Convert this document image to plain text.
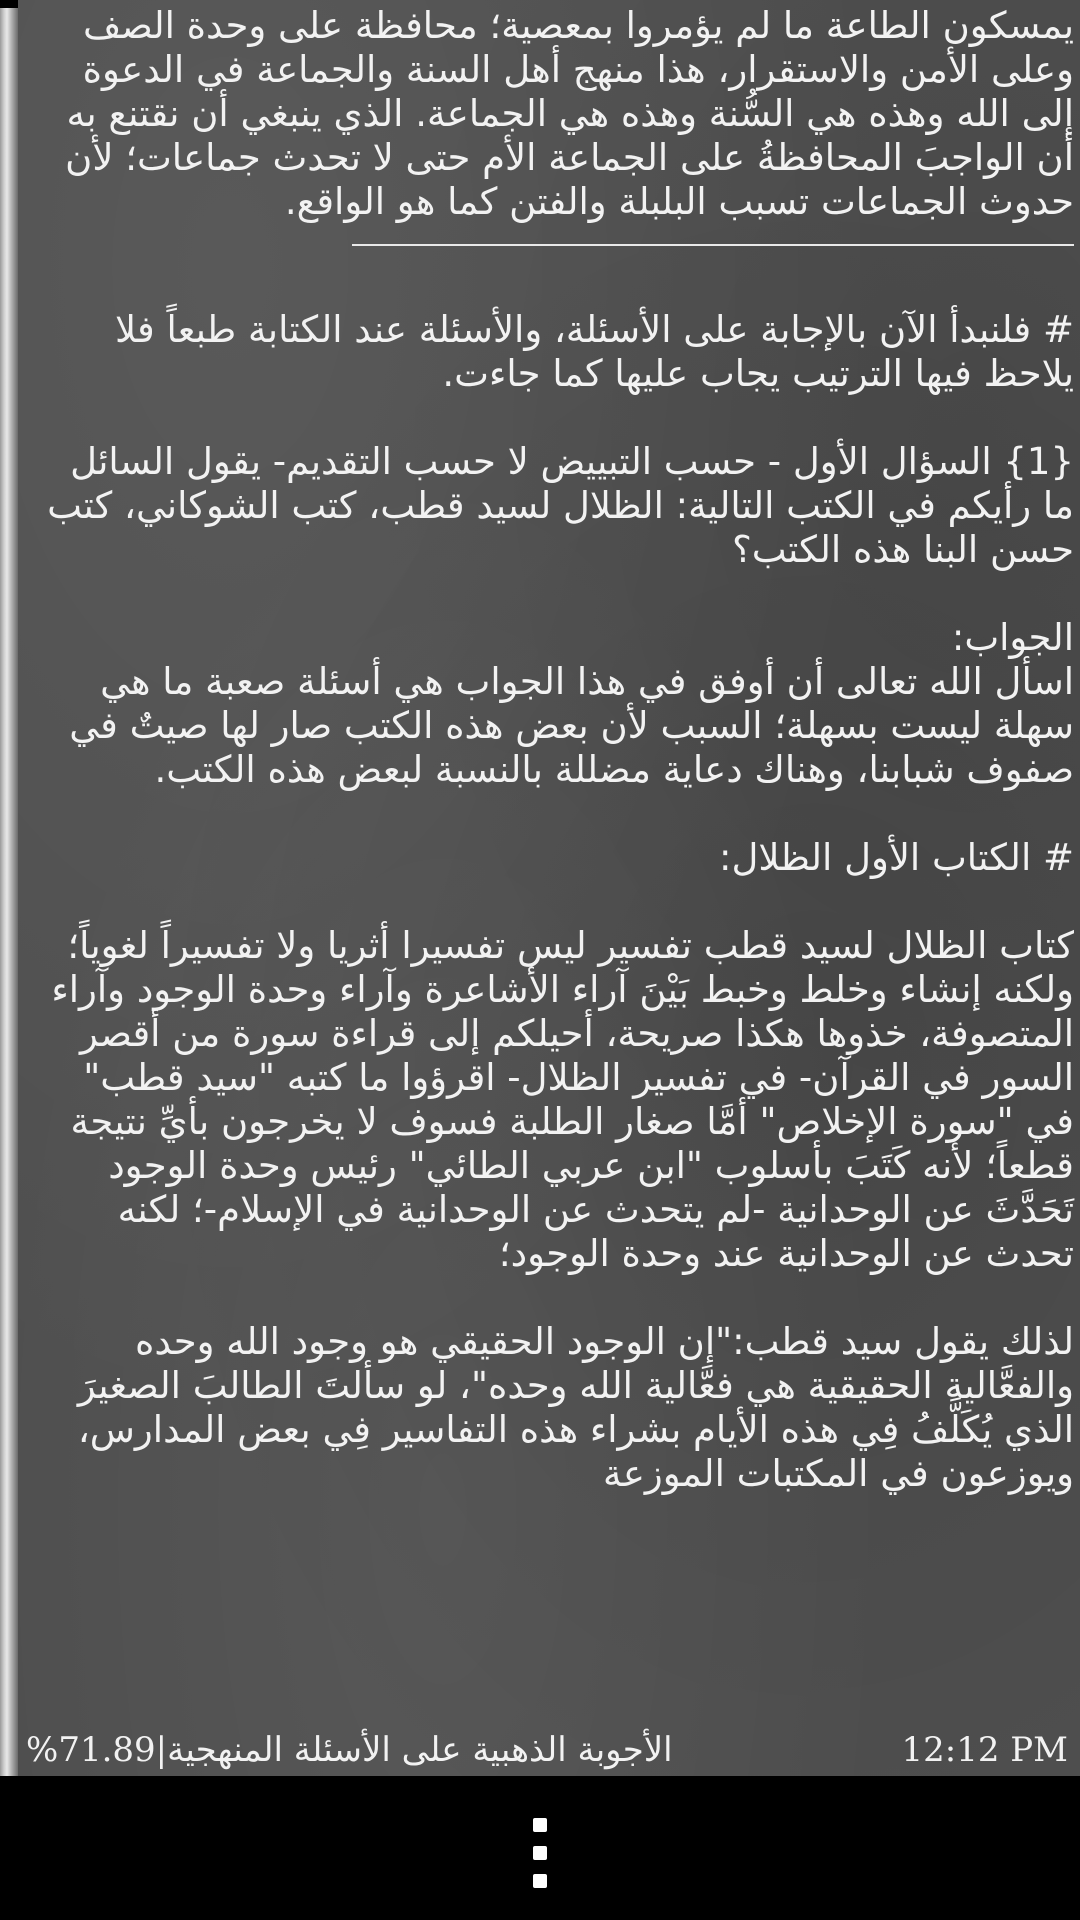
يمسكون الطاعة ما لم يؤمروا بمعصية؛ محافظة على وحدة الصف وعلى الأمن والاستقرار، هذا منهج أهل السنة والجماعة في الدعوة إلى الله وهذه هي السُّنة وهذه هي الجماعة. الذي ينبغي أن نقتنع به أن الواجبَ المحافظةُ على الجماعة الأم حتى لا تحدث جماعات؛ لأن حدوث الجماعات تسبب البلبلة والفتن كما هو الواقع.

# فلنبدأ الآن بالإجابة على الأسئلة، والأسئلة عند الكتابة طبعاً فلا يلاحظ فيها الترتيب يجاب عليها كما جاءت.

{1} السؤال الأول - حسب التبييض لا حسب التقديم- يقول السائل ما رأيكم في الكتب التالية: الظلال لسيد قطب، كتب الشوكاني، كتب حسن البنا هذه الكتب؟

الجواب:

اسأل الله تعالى أن أوفق في هذا الجواب هي أسئلة صعبة ما هي سهلة ليست بسهلة؛ السبب لأن بعض هذه الكتب صار لها صيتٌ في صفوف شبابنا، وهناك دعاية مضللة بالنسبة لبعض هذه الكتب.

# الكتاب الأول الظلال:

كتاب الظلال لسيد قطب تفسير ليس تفسيرا أثريا ولا تفسيراً لغوياً؛ ولكنه إنشاء وخلط وخبط بَيْنَ آراء الأشاعرة وآراء وحدة الوجود وآراء المتصوفة، خذوها هكذا صريحة، أحيلكم إلى قراءة سورة من أقصر السور في القرآن- في تفسير الظلال- اقرؤوا ما كتبه "سيد قطب" في "سورة الإخلاص" أمَّا صغار الطلبة فسوف لا يخرجون بأيِّ نتيجة قطعاً؛ لأنه كَتَبَ بأسلوب "ابن عربي الطائي" رئيس وحدة الوجود تَحَدَّثَ عن الوحدانية -لم يتحدث عن الوحدانية في الإسلام-؛ لكنه تحدث عن الوحدانية عند وحدة الوجود؛

لذلك يقول سيد قطب:"إن الوجود الحقيقي هو وجود الله وحده والفعَّالية الحقيقية هي فعَّالية الله وحده"، لو سألتَ الطالبَ الصغيرَ الذي يُكَلَّفُ فِي هذه الأيام بشراء هذه التفاسير فِي بعض المدارس، ويوزعون في المكتبات الموزعة

12:12 PM
الأجوبة الذهبية على الأسئلة المنهجية|71.89%
